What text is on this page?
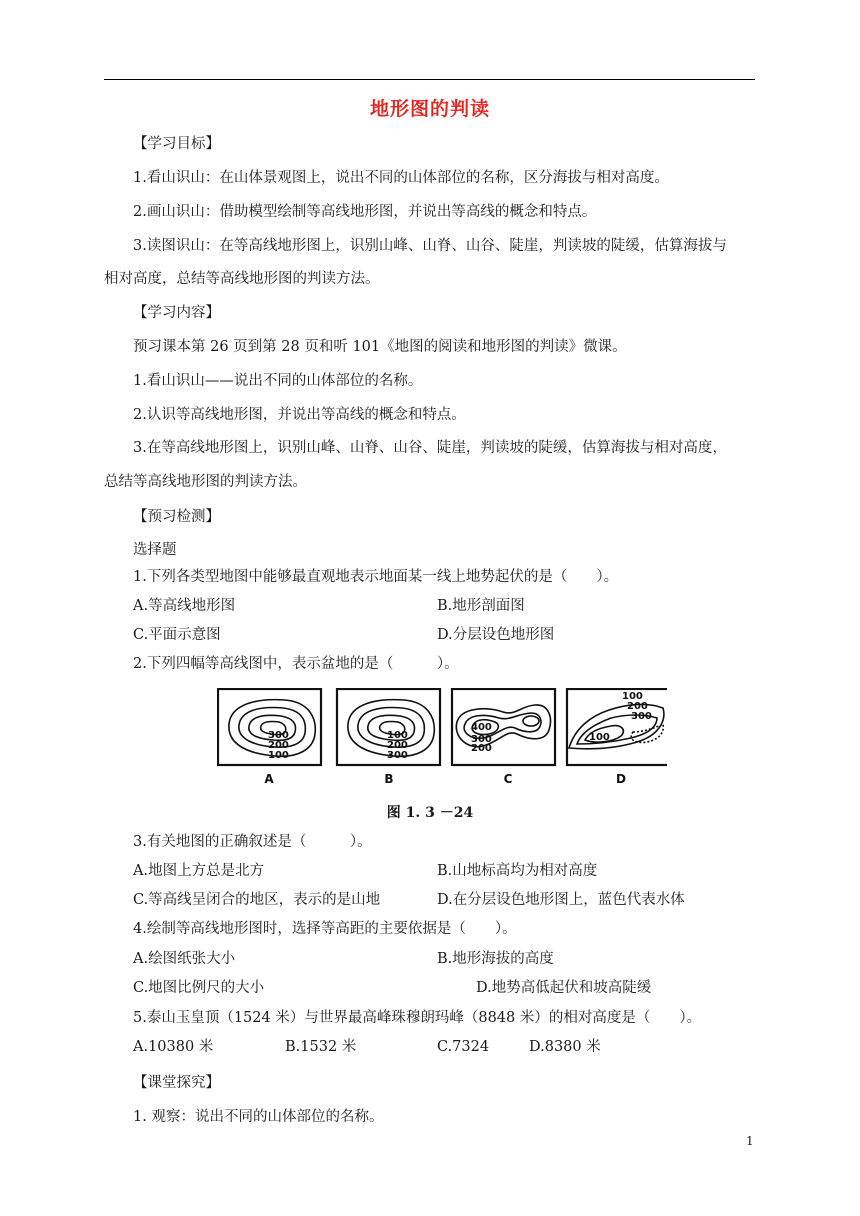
地形图的判读
【学习目标】
1.看山识山：在山体景观图上，说出不同的山体部位的名称，区分海拔与相对高度。
2.画山识山：借助模型绘制等高线地形图，并说出等高线的概念和特点。
3.读图识山：在等高线地形图上，识别山峰、山脊、山谷、陡崖，判读坡的陡缓，估算海拔与
相对高度，总结等高线地形图的判读方法。
【学习内容】
预习课本第 26 页到第 28 页和听 101《地图的阅读和地形图的判读》微课。
1.看山识山——说出不同的山体部位的名称。
2.认识等高线地形图，并说出等高线的概念和特点。
3.在等高线地形图上，识别山峰、山脊、山谷、陡崖，判读坡的陡缓，估算海拔与相对高度，
总结等高线地形图的判读方法。
【预习检测】
选择题
1.下列各类型地图中能够最直观地表示地面某一线上地势起伏的是（　　）。
A.等高线地形图	B.地形剖面图
C.平面示意图	D.分层设色地形图
2.下列四幅等高线图中，表示盆地的是（　　　）。
300
200
100
A
100
200
300
B
400
300
200
C
100
200
300
100
D
图 1. 3 －24
3.有关地图的正确叙述是（　　　）。
A.地图上方总是北方	B.山地标高均为相对高度
C.等高线呈闭合的地区，表示的是山地	D.在分层设色地形图上，蓝色代表水体
4.绘制等高线地形图时，选择等高距的主要依据是（　　）。
A.绘图纸张大小	B.地形海拔的高度
C.地图比例尺的大小	D.地势高低起伏和坡高陡缓
5.泰山玉皇顶（1524 米）与世界最高峰珠穆朗玛峰（8848 米）的相对高度是（　　）。
A.10380 米	B.1532 米	C.7324	D.8380 米
【课堂探究】
1. 观察：说出不同的山体部位的名称。
1
